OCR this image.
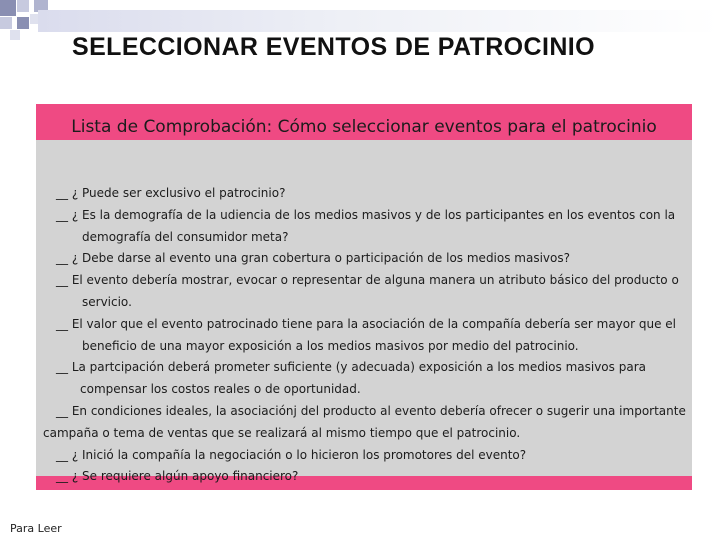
SELECCIONAR EVENTOS DE PATROCINIO
Lista de Comprobación: Cómo seleccionar eventos para el patrocinio
__ ¿ Puede ser exclusivo el patrocinio?
__ ¿ Es la demografía de la udiencia de los medios masivos y de los participantes en los eventos con la demografía del consumidor meta?
__ ¿ Debe darse al evento una gran cobertura o participación de los medios masivos?
__ El evento debería mostrar, evocar o representar de alguna manera un atributo básico del producto o servicio.
__ El valor que el evento patrocinado tiene para la asociación de la compañía debería ser mayor que el beneficio de una mayor exposición a los medios masivos por medio del patrocinio.
__ La partcipación deberá prometer suficiente (y adecuada) exposición a los medios masivos para compensar los costos reales o de oportunidad.
__ En condiciones ideales, la asociaciónj del producto al evento debería ofrecer o sugerir una importante campaña o tema de ventas que se realizará al mismo tiempo que el patrocinio.
__ ¿ Inició la compañía la negociación o lo hicieron los promotores del evento?
__ ¿ Se requiere algún apoyo financiero?

Para Leer
